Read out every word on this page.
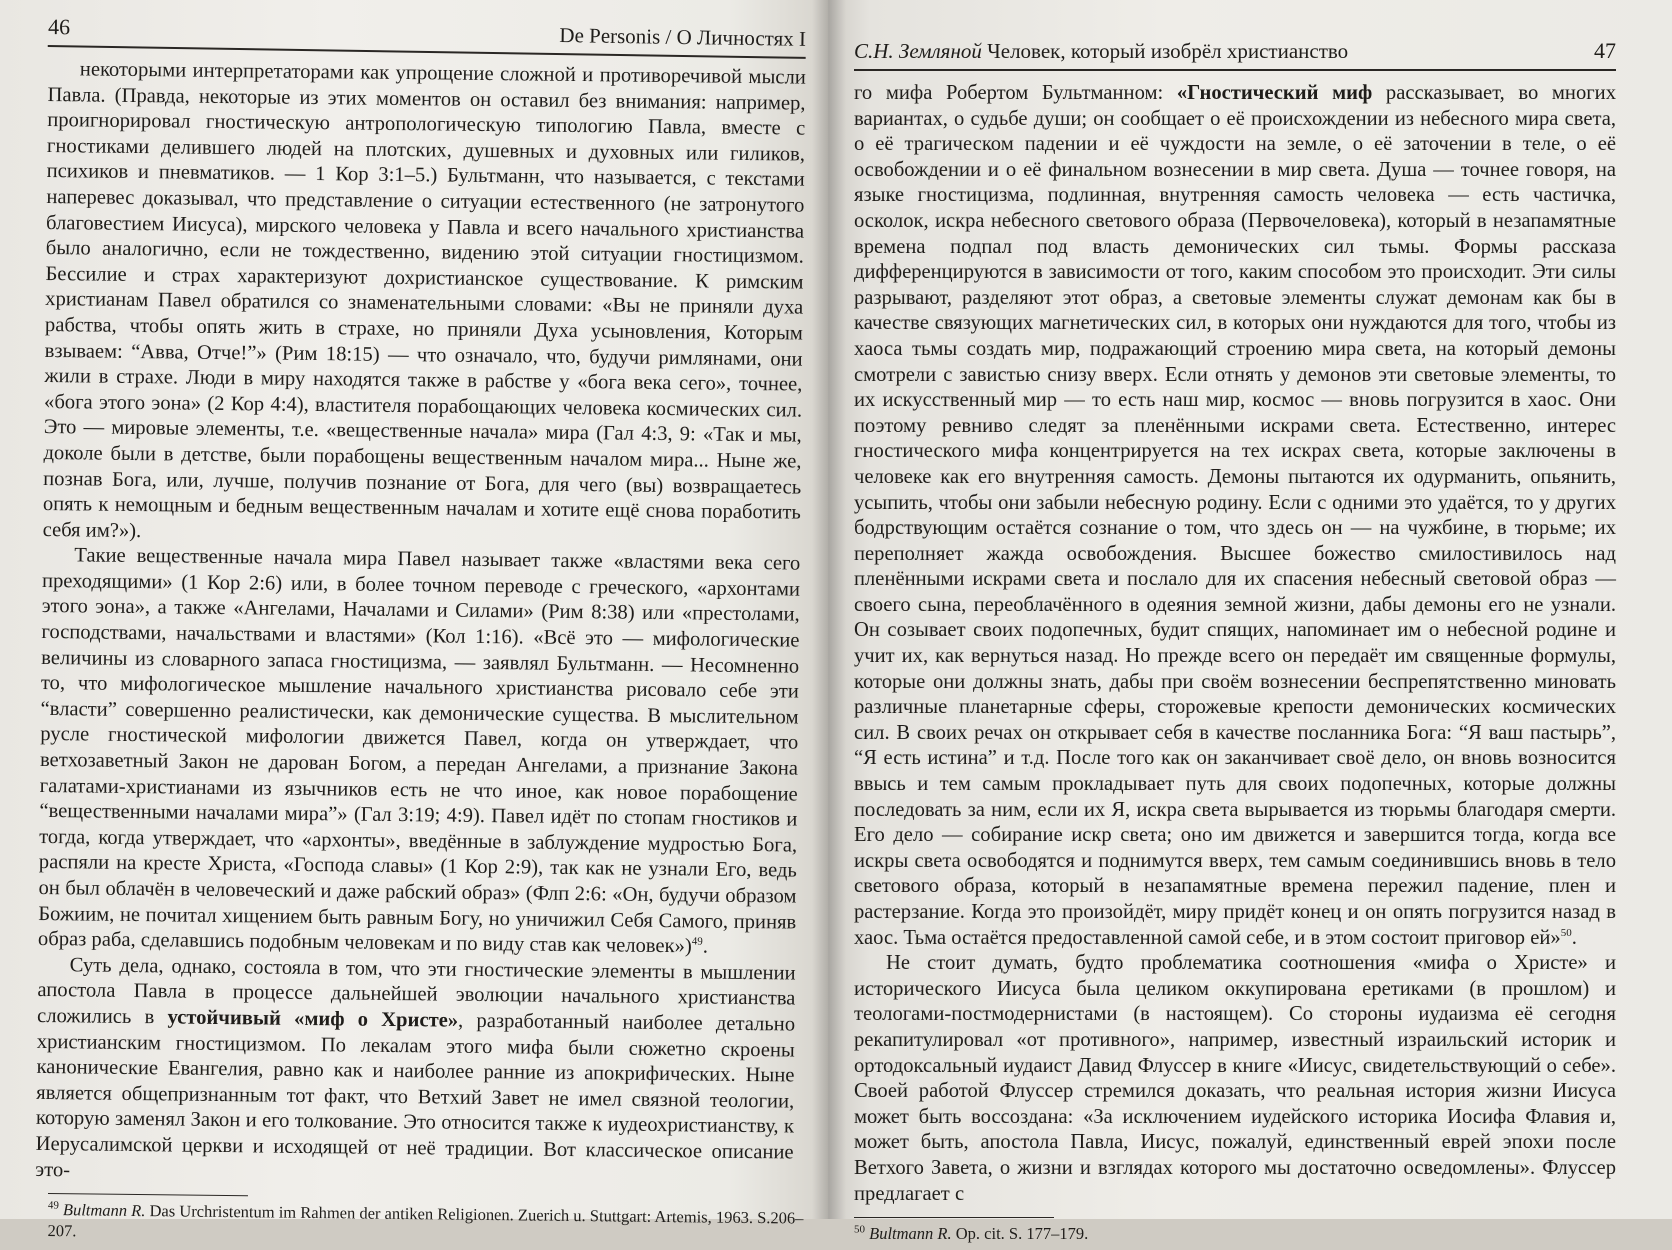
46	De Personis / О Личностях I

некоторыми интерпретаторами как упрощение сложной и противоречивой мысли Павла. (Правда, некоторые из этих моментов он оставил без внимания: например, проигнорировал гностическую антропологическую типологию Павла, вместе с гностиками делившего людей на плотских, душевных и духовных или гиликов, психиков и пневматиков. — 1 Кор 3:1–5.) Бультманн, что называется, с текстами наперевес доказывал, что представление о ситуации естественного (не затронутого благовестием Иисуса), мирского человека у Павла и всего начального христианства было аналогично, если не тождественно, видению этой ситуации гностицизмом. Бессилие и страх характеризуют дохристианское существование. К римским христианам Павел обратился со знаменательными словами: «Вы не приняли духа рабства, чтобы опять жить в страхе, но приняли Духа усыновления, Которым взываем: “Авва, Отче!”» (Рим 18:15) — что означало, что, будучи римлянами, они жили в страхе. Люди в миру находятся также в рабстве у «бога века сего», точнее, «бога этого эона» (2 Кор 4:4), властителя порабощающих человека космических сил. Это — мировые элементы, т.е. «вещественные начала» мира (Гал 4:3, 9: «Так и мы, доколе были в детстве, были порабощены вещественным началом мира... Ныне же, познав Бога, или, лучше, получив познание от Бога, для чего (вы) возвращаетесь опять к немощным и бедным вещественным началам и хотите ещё снова поработить себя им?»).

Такие вещественные начала мира Павел называет также «властями века сего преходящими» (1 Кор 2:6) или, в более точном переводе с греческого, «архонтами этого эона», а также «Ангелами, Началами и Силами» (Рим 8:38) или «престолами, господствами, начальствами и властями» (Кол 1:16). «Всё это — мифологические величины из словарного запаса гностицизма, — заявлял Бультманн. — Несомненно то, что мифологическое мышление начального христианства рисовало себе эти “власти” совершенно реалистически, как демонические существа. В мыслительном русле гностической мифологии движется Павел, когда он утверждает, что ветхозаветный Закон не дарован Богом, а передан Ангелами, а признание Закона галатами-христианами из язычников есть не что иное, как новое порабощение “вещественными началами мира”» (Гал 3:19; 4:9). Павел идёт по стопам гностиков и тогда, когда утверждает, что «архонты», введённые в заблуждение мудростью Бога, распяли на кресте Христа, «Господа славы» (1 Кор 2:9), так как не узнали Его, ведь он был облачён в человеческий и даже рабский образ» (Флп 2:6: «Он, будучи образом Божиим, не почитал хищением быть равным Богу, но уничижил Себя Самого, приняв образ раба, сделавшись подобным человекам и по виду став как человек»)$^{49}$.

Суть дела, однако, состояла в том, что эти гностические элементы в мышлении апостола Павла в процессе дальнейшей эволюции начального христианства сложились в устойчивый «миф о Христе», разработанный наиболее детально христианским гностицизмом. По лекалам этого мифа были сюжетно скроены канонические Евангелия, равно как и наиболее ранние из апокрифических. Ныне является общепризнанным тот факт, что Ветхий Завет не имел связной теологии, которую заменял Закон и его толкование. Это относится также к иудеохристианству, к Иерусалимской церкви и исходящей от неё традиции. Вот классическое описание это-

$^{49}$ Bultmann R. Das Urchristentum im Rahmen der antiken Religionen. Zuerich u. Stuttgart: Artemis, 1963. S.206–207.
С.Н. Земляной Человек, который изобрёл христианство	47

го мифа Робертом Бультманном: «Гностический миф рассказывает, во многих вариантах, о судьбе души; он сообщает о её происхождении из небесного мира света, о её трагическом падении и её чуждости на земле, о её заточении в теле, о её освобождении и о её финальном вознесении в мир света. Душа — точнее говоря, на языке гностицизма, подлинная, внутренняя самость человека — есть частичка, осколок, искра небесного светового образа (Первочеловека), который в незапамятные времена подпал под власть демонических сил тьмы. Формы рассказа дифференцируются в зависимости от того, каким способом это происходит. Эти силы разрывают, разделяют этот образ, а световые элементы служат демонам как бы в качестве связующих магнетических сил, в которых они нуждаются для того, чтобы из хаоса тьмы создать мир, подражающий строению мира света, на который демоны смотрели с завистью снизу вверх. Если отнять у демонов эти световые элементы, то их искусственный мир — то есть наш мир, космос — вновь погрузится в хаос. Они поэтому ревниво следят за пленёнными искрами света. Естественно, интерес гностического мифа концентрируется на тех искрах света, которые заключены в человеке как его внутренняя самость. Демоны пытаются их одурманить, опьянить, усыпить, чтобы они забыли небесную родину. Если с одними это удаётся, то у других бодрствующим остаётся сознание о том, что здесь он — на чужбине, в тюрьме; их переполняет жажда освобождения. Высшее божество смилостивилось над пленёнными искрами света и послало для их спасения небесный световой образ — своего сына, переоблачённого в одеяния земной жизни, дабы демоны его не узнали. Он созывает своих подопечных, будит спящих, напоминает им о небесной родине и учит их, как вернуться назад. Но прежде всего он передаёт им священные формулы, которые они должны знать, дабы при своём вознесении беспрепятственно миновать различные планетарные сферы, сторожевые крепости демонических космических сил. В своих речах он открывает себя в качестве посланника Бога: “Я ваш пастырь”, “Я есть истина” и т.д. После того как он заканчивает своё дело, он вновь возносится ввысь и тем самым прокладывает путь для своих подопечных, которые должны последовать за ним, если их Я, искра света вырывается из тюрьмы благодаря смерти. Его дело — собирание искр света; оно им движется и завершится тогда, когда все искры света освободятся и поднимутся вверх, тем самым соединившись вновь в тело светового образа, который в незапамятные времена пережил падение, плен и растерзание. Когда это произойдёт, миру придёт конец и он опять погрузится назад в хаос. Тьма остаётся предоставленной самой себе, и в этом состоит приговор ей»$^{50}$.

Не стоит думать, будто проблематика соотношения «мифа о Христе» и исторического Иисуса была целиком оккупирована еретиками (в прошлом) и теологами-постмодернистами (в настоящем). Со стороны иудаизма её сегодня рекапитулировал «от противного», например, известный израильский историк и ортодоксальный иудаист Давид Флуссер в книге «Иисус, свидетельствующий о себе». Своей работой Флуссер стремился доказать, что реальная история жизни Иисуса может быть воссоздана: «За исключением иудейского историка Иосифа Флавия и, может быть, апостола Павла, Иисус, пожалуй, единственный еврей эпохи после Ветхого Завета, о жизни и взглядах которого мы достаточно осведомлены». Флуссер предлагает с

$^{50}$ Bultmann R. Op. cit. S. 177–179.
